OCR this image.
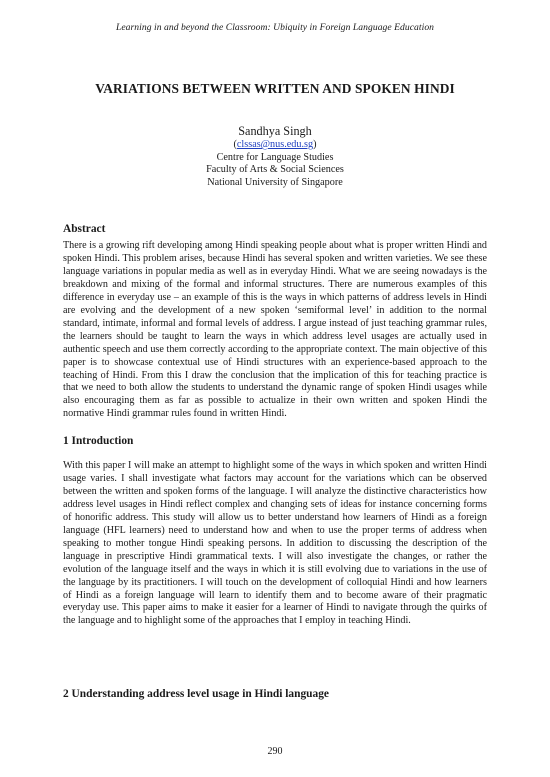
Learning in and beyond the Classroom: Ubiquity in Foreign Language Education
VARIATIONS BETWEEN WRITTEN AND SPOKEN HINDI
Sandhya Singh
(clssas@nus.edu.sg)
Centre for Language Studies
Faculty of Arts & Social Sciences
National University of Singapore
Abstract

There is a growing rift developing among Hindi speaking people about what is proper written Hindi and spoken Hindi. This problem arises, because Hindi has several spoken and written varieties. We see these language variations in popular media as well as in everyday Hindi. What we are seeing nowadays is the breakdown and mixing of the formal and informal structures. There are numerous examples of this difference in everyday use – an example of this is the ways in which patterns of address levels in Hindi are evolving and the development of a new spoken ‘semiformal level’ in addition to the normal standard, intimate, informal and formal levels of address. I argue instead of just teaching grammar rules, the learners should be taught to learn the ways in which address level usages are actually used in authentic speech and use them correctly according to the appropriate context. The main objective of this paper is to showcase contextual use of Hindi structures with an experience-based approach to the teaching of Hindi. From this I draw the conclusion that the implication of this for teaching practice is that we need to both allow the students to understand the dynamic range of spoken Hindi usages while also encouraging them as far as possible to actualize in their own written and spoken Hindi the normative Hindi grammar rules found in written Hindi.

1 Introduction

With this paper I will make an attempt to highlight some of the ways in which spoken and written Hindi usage varies. I shall investigate what factors may account for the variations which can be observed between the written and spoken forms of the language. I will analyze the distinctive characteristics how address level usages in Hindi reflect complex and changing sets of ideas for instance concerning forms of honorific address. This study will allow us to better understand how learners of Hindi as a foreign language (HFL learners) need to understand how and when to use the proper terms of address when speaking to mother tongue Hindi speaking persons. In addition to discussing the description of the language in prescriptive Hindi grammatical texts. I will also investigate the changes, or rather the evolution of the language itself and the ways in which it is still evolving due to variations in the use of the language by its practitioners. I will touch on the development of colloquial Hindi and how learners of Hindi as a foreign language will learn to identify them and to become aware of their pragmatic everyday use. This paper aims to make it easier for a learner of Hindi to navigate through the quirks of the language and to highlight some of the approaches that I employ in teaching Hindi.

2 Understanding address level usage in Hindi language
290
